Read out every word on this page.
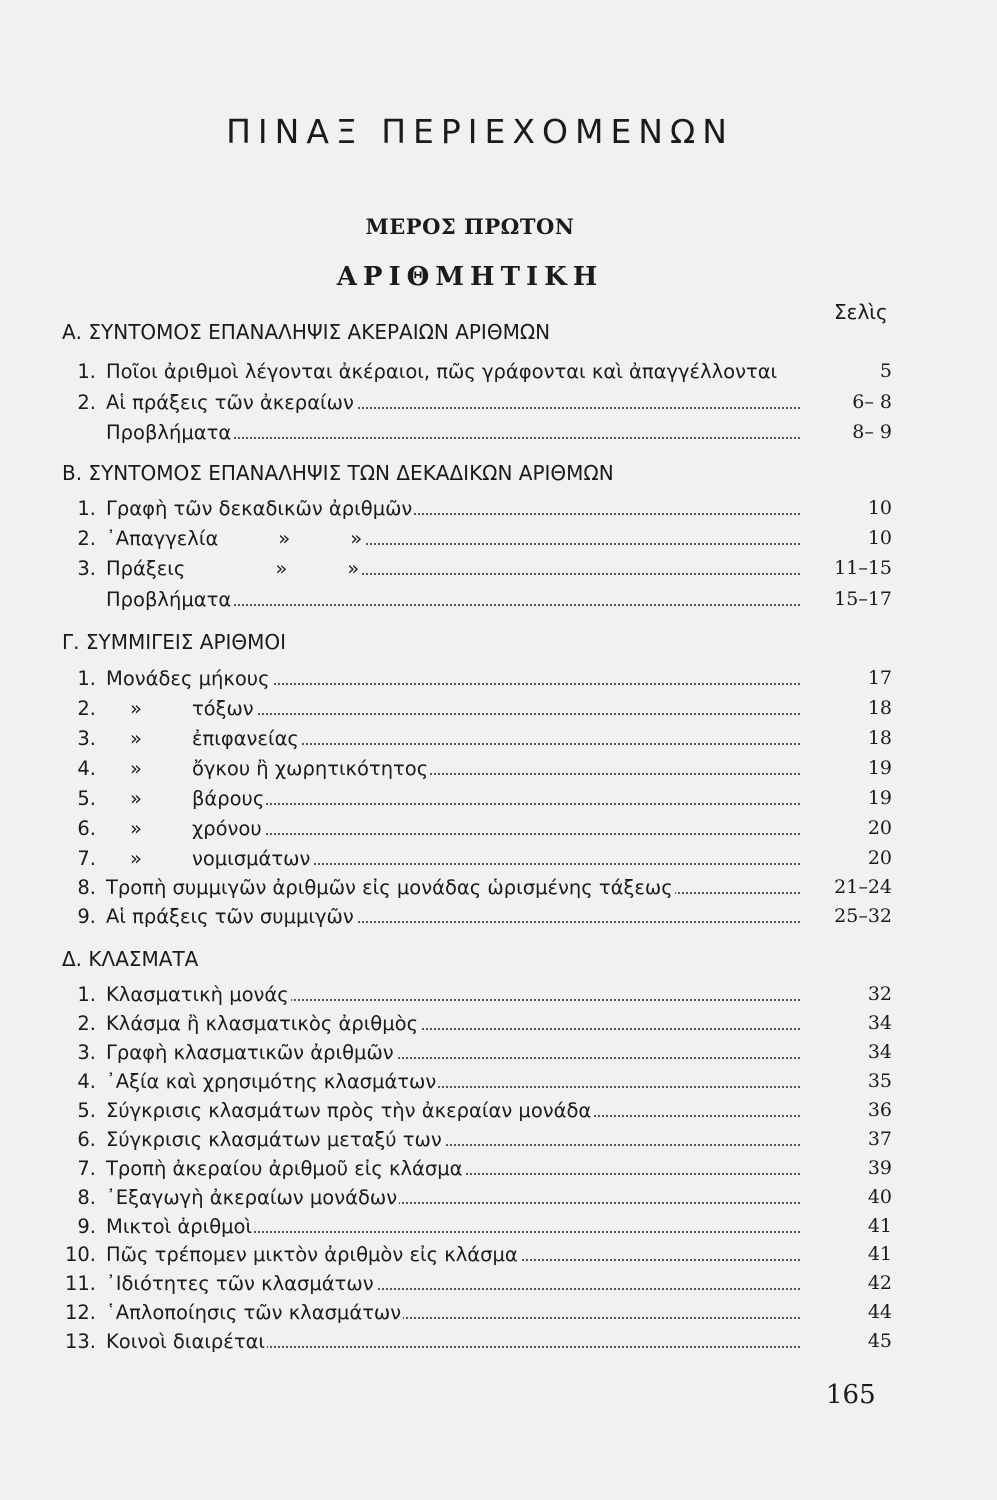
ΠΙΝΑΞ ΠΕΡΙΕΧΟΜΕΝΩΝ
ΜΕΡΟΣ ΠΡΩΤΟΝ
ΑΡΙΘΜΗΤΙΚΗ
Σελὶς
Α. ΣΥΝΤΟΜΟΣ ΕΠΑΝΑΛΗΨΙΣ ΑΚΕΡΑΙΩΝ ΑΡΙΘΜΩΝ
1. Ποῖοι ἀριθμοὶ λέγονται ἀκέραιοι, πῶς γράφονται καὶ ἀπαγγέλλονται	5
2. Αἱ πράξεις τῶν ἀκεραίων	6– 8
Προβλήματα	8– 9
Β. ΣΥΝΤΟΜΟΣ ΕΠΑΝΑΛΗΨΙΣ ΤΩΝ ΔΕΚΑΔΙΚΩΝ ΑΡΙΘΜΩΝ
1. Γραφὴ τῶν δεκαδικῶν ἀριθμῶν	10
2. ᾿Απαγγελία	»	»	10
3. Πράξεις	»	»	11–15
Προβλήματα	15–17
Γ. ΣΥΜΜΙΓΕΙΣ ΑΡΙΘΜΟΙ
1. Μονάδες μήκους	17
2.	»	τόξων	18
3.	»	ἐπιφανείας	18
4.	»	ὄγκου ἢ χωρητικότητος	19
5.	»	βάρους	19
6.	»	χρόνου	20
7.	»	νομισμάτων	20
8. Τροπὴ συμμιγῶν ἀριθμῶν εἰς μονάδας ὡρισμένης τάξεως	21–24
9. Αἱ πράξεις τῶν συμμιγῶν	25–32
Δ. ΚΛΑΣΜΑΤΑ
1. Κλασματικὴ μονάς	32
2. Κλάσμα ἢ κλασματικὸς ἀριθμὸς	34
3. Γραφὴ κλασματικῶν ἀριθμῶν	34
4. ᾿Αξία καὶ χρησιμότης κλασμάτων	35
5. Σύγκρισις κλασμάτων πρὸς τὴν ἀκεραίαν μονάδα	36
6. Σύγκρισις κλασμάτων μεταξύ των	37
7. Τροπὴ ἀκεραίου ἀριθμοῦ εἰς κλάσμα	39
8. ᾿Εξαγωγὴ ἀκεραίων μονάδων	40
9. Μικτοὶ ἀριθμοὶ	41
10. Πῶς τρέπομεν μικτὸν ἀριθμὸν εἰς κλάσμα	41
11. ᾿Ιδιότητες τῶν κλασμάτων	42
12. ῾Απλοποίησις τῶν κλασμάτων	44
13. Κοινοὶ διαιρέται	45
165
